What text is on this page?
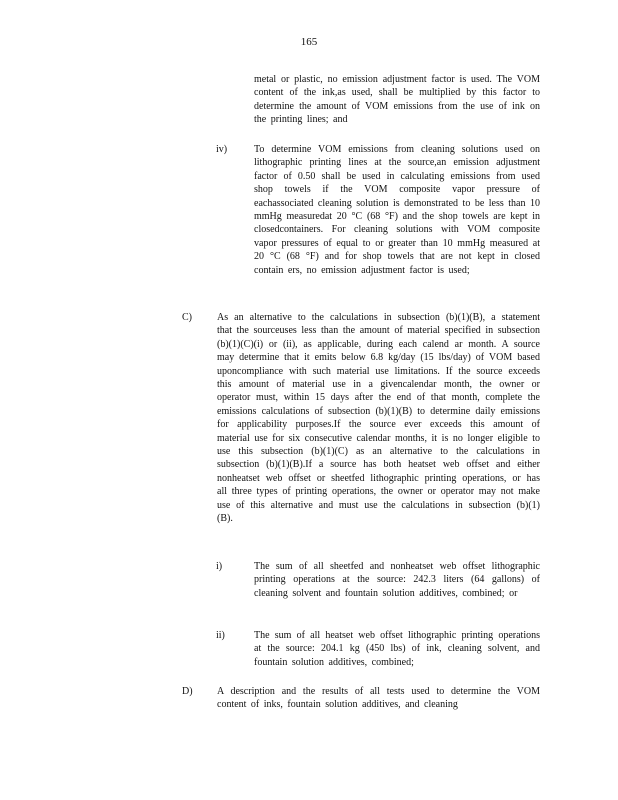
165
metal or plastic, no emission adjustment factor is used. The VOM content of the ink,as used, shall be multiplied by this factor to determine the amount of VOM emissions from the use of ink on the printing lines; and
iv)	To determine VOM emissions from cleaning solutions used on lithographic printing lines at the source,an emission adjustment factor of 0.50 shall be used in calculating emissions from used shop towels if the VOM composite vapor pressure of eachassociated cleaning solution is demonstrated to be less than 10 mmHg measuredat 20 °C (68 °F) and the shop towels are kept in closedcontainers. For cleaning solutions with VOM composite vapor pressures of equal to or greater than 10 mmHg measured at 20 °C (68 °F) and for shop towels that are not kept in closed contain ers, no emission adjustment factor is used;
C)	As an alternative to the calculations in subsection (b)(1)(B), a statement that the sourceuses less than the amount of material specified in subsection (b)(1)(C)(i) or (ii), as applicable, during each calend ar month. A source may determine that it emits below 6.8 kg/day (15 lbs/day) of VOM based uponcompliance with such material use limitations. If the source exceeds this amount of material use in a givencalendar month, the owner or operator must, within 15 days after the end of that month, complete the emissions calculations of subsection (b)(1)(B) to determine daily emissions for applicability purposes.If the source ever exceeds this amount of material use for six consecutive calendar months, it is no longer eligible to use this subsection (b)(1)(C) as an alternative to the calculations in subsection (b)(1)(B).If a source has both heatset web offset and either nonheatset web offset or sheetfed lithographic printing operations, or has all three types of printing operations, the owner or operator may not make use of this alternative and must use the calculations in subsection (b)(1)(B).
i)	The sum of all sheetfed and nonheatset web offset lithographic printing operations at the source: 242.3 liters (64 gallons) of cleaning solvent and fountain solution additives, combined; or
ii)	The sum of all heatset web offset lithographic printing operations at the source: 204.1 kg (450 lbs) of ink, cleaning solvent, and fountain solution additives, combined;
D) A description and the results of all tests used to determine the VOM content of inks, fountain solution additives, and cleaning
